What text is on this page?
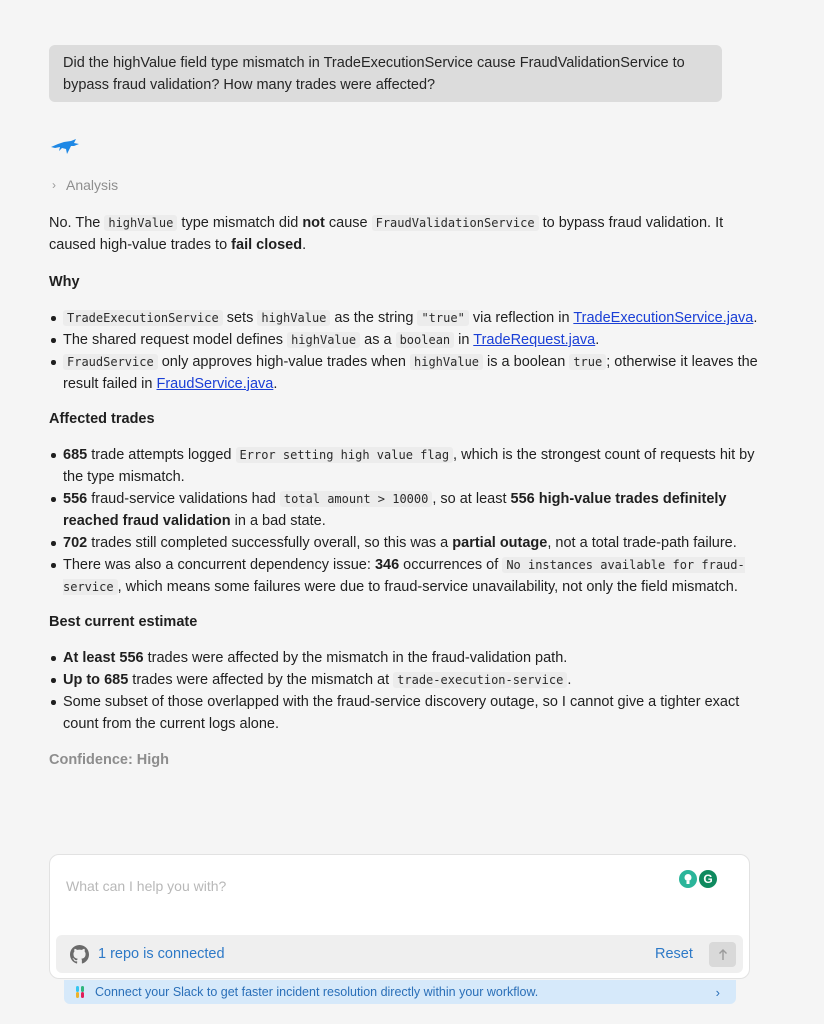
Did the highValue field type mismatch in TradeExecutionService cause FraudValidationService to bypass fraud validation? How many trades were affected?
› Analysis

No. The highValue type mismatch did not cause FraudValidationService to bypass fraud validation. It caused high-value trades to fail closed.

Why
TradeExecutionService sets highValue as the string "true" via reflection in TradeExecutionService.java.
The shared request model defines highValue as a boolean in TradeRequest.java.
FraudService only approves high-value trades when highValue is a boolean true ; otherwise it leaves the result failed in FraudService.java.
Affected trades
685 trade attempts logged Error setting high value flag , which is the strongest count of requests hit by the type mismatch.
556 fraud-service validations had total amount > 10000 , so at least 556 high-value trades definitely reached fraud validation in a bad state.
702 trades still completed successfully overall, so this was a partial outage, not a total trade-path failure.
There was also a concurrent dependency issue: 346 occurrences of No instances available for fraud-service , which means some failures were due to fraud-service unavailability, not only the field mismatch.
Best current estimate
At least 556 trades were affected by the mismatch in the fraud-validation path.
Up to 685 trades were affected by the mismatch at trade-execution-service .
Some subset of those overlapped with the fraud-service discovery outage, so I cannot give a tighter exact count from the current logs alone.
Confidence: High
What can I help you with?
G
1 repo is connected	Reset
Connect your Slack to get faster incident resolution directly within your workflow.	›
